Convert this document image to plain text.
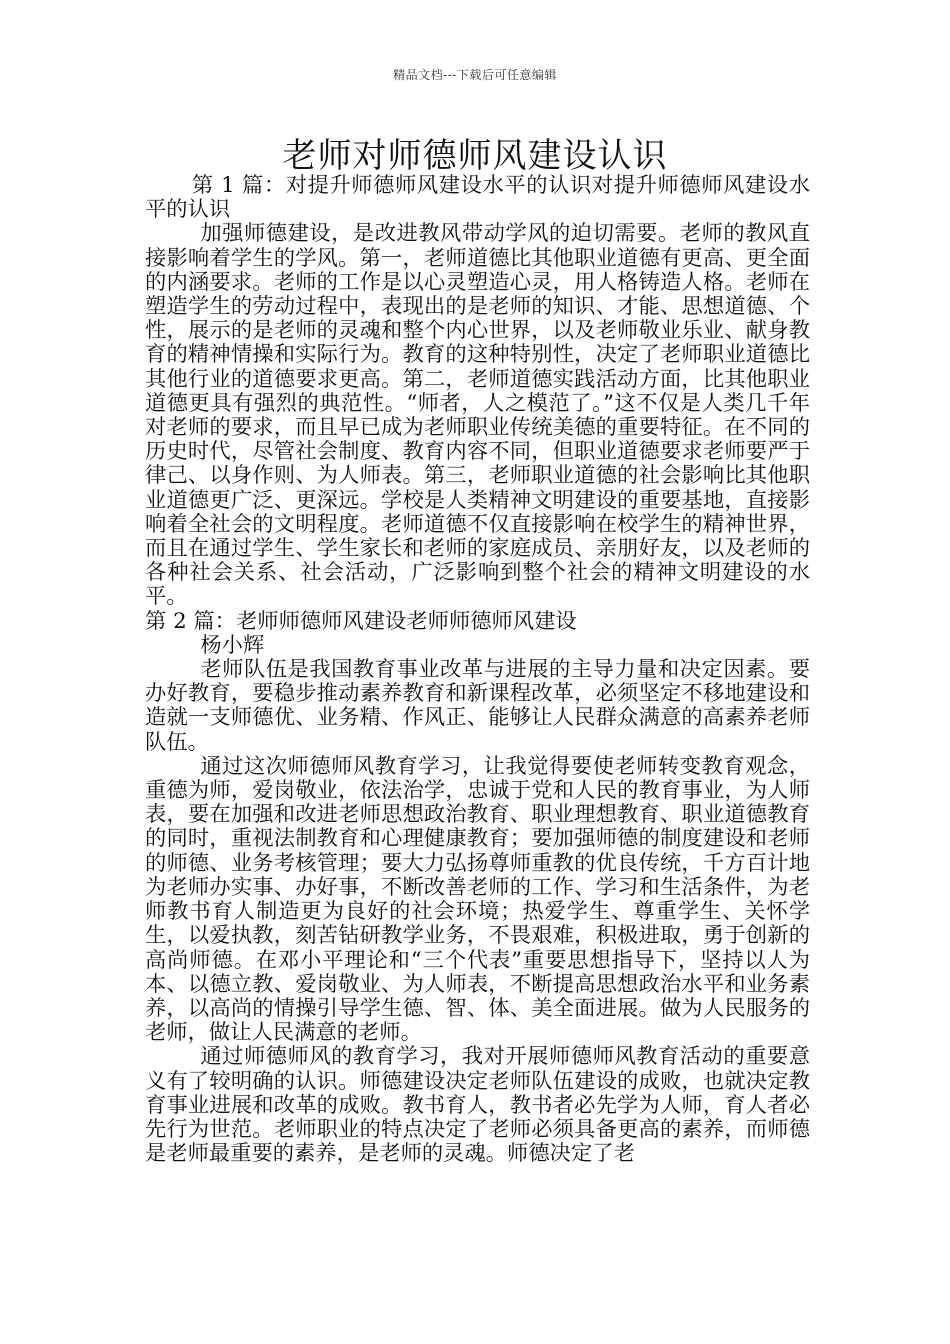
精品文档---下载后可任意编辑
老师对师德师风建设认识

第 1 篇：对提升师德师风建设水平的认识对提升师德师风建设水平的认识

加强师德建设，是改进教风带动学风的迫切需要。老师的教风直接影响着学生的学风。第一，老师道德比其他职业道德有更高、更全面的内涵要求。老师的工作是以心灵塑造心灵，用人格铸造人格。老师在塑造学生的劳动过程中，表现出的是老师的知识、才能、思想道德、个性，展示的是老师的灵魂和整个内心世界，以及老师敬业乐业、献身教育的精神情操和实际行为。教育的这种特别性，决定了老师职业道德比其他行业的道德要求更高。第二，老师道德实践活动方面，比其他职业道德更具有强烈的典范性。“师者，人之模范了。”这不仅是人类几千年对老师的要求，而且早已成为老师职业传统美德的重要特征。在不同的历史时代，尽管社会制度、教育内容不同，但职业道德要求老师要严于律己、以身作则、为人师表。第三，老师职业道德的社会影响比其他职业道德更广泛、更深远。学校是人类精神文明建设的重要基地，直接影响着全社会的文明程度。老师道德不仅直接影响在校学生的精神世界，而且在通过学生、学生家长和老师的家庭成员、亲朋好友，以及老师的各种社会关系、社会活动，广泛影响到整个社会的精神文明建设的水平。

第 2 篇：老师师德师风建设老师师德师风建设

杨小辉

老师队伍是我国教育事业改革与进展的主导力量和决定因素。要办好教育，要稳步推动素养教育和新课程改革，必须坚定不移地建设和造就一支师德优、业务精、作风正、能够让人民群众满意的高素养老师队伍。

通过这次师德师风教育学习，让我觉得要使老师转变教育观念，重德为师，爱岗敬业，依法治学，忠诚于党和人民的教育事业，为人师表，要在加强和改进老师思想政治教育、职业理想教育、职业道德教育的同时，重视法制教育和心理健康教育；要加强师德的制度建设和老师的师德、业务考核管理；要大力弘扬尊师重教的优良传统，千方百计地为老师办实事、办好事，不断改善老师的工作、学习和生活条件，为老师教书育人制造更为良好的社会环境；热爱学生、尊重学生、关怀学生，以爱执教，刻苦钻研教学业务，不畏艰难，积极进取，勇于创新的高尚师德。在邓小平理论和“三个代表”重要思想指导下，坚持以人为本、以德立教、爱岗敬业、为人师表，不断提高思想政治水平和业务素养，以高尚的情操引导学生德、智、体、美全面进展。做为人民服务的老师，做让人民满意的老师。

通过师德师风的教育学习，我对开展师德师风教育活动的重要意义有了较明确的认识。师德建设决定老师队伍建设的成败，也就决定教育事业进展和改革的成败。教书育人，教书者必先学为人师，育人者必先行为世范。老师职业的特点决定了老师必须具备更高的素养，而师德是老师最重要的素养，是老师的灵魂。师德决定了老
